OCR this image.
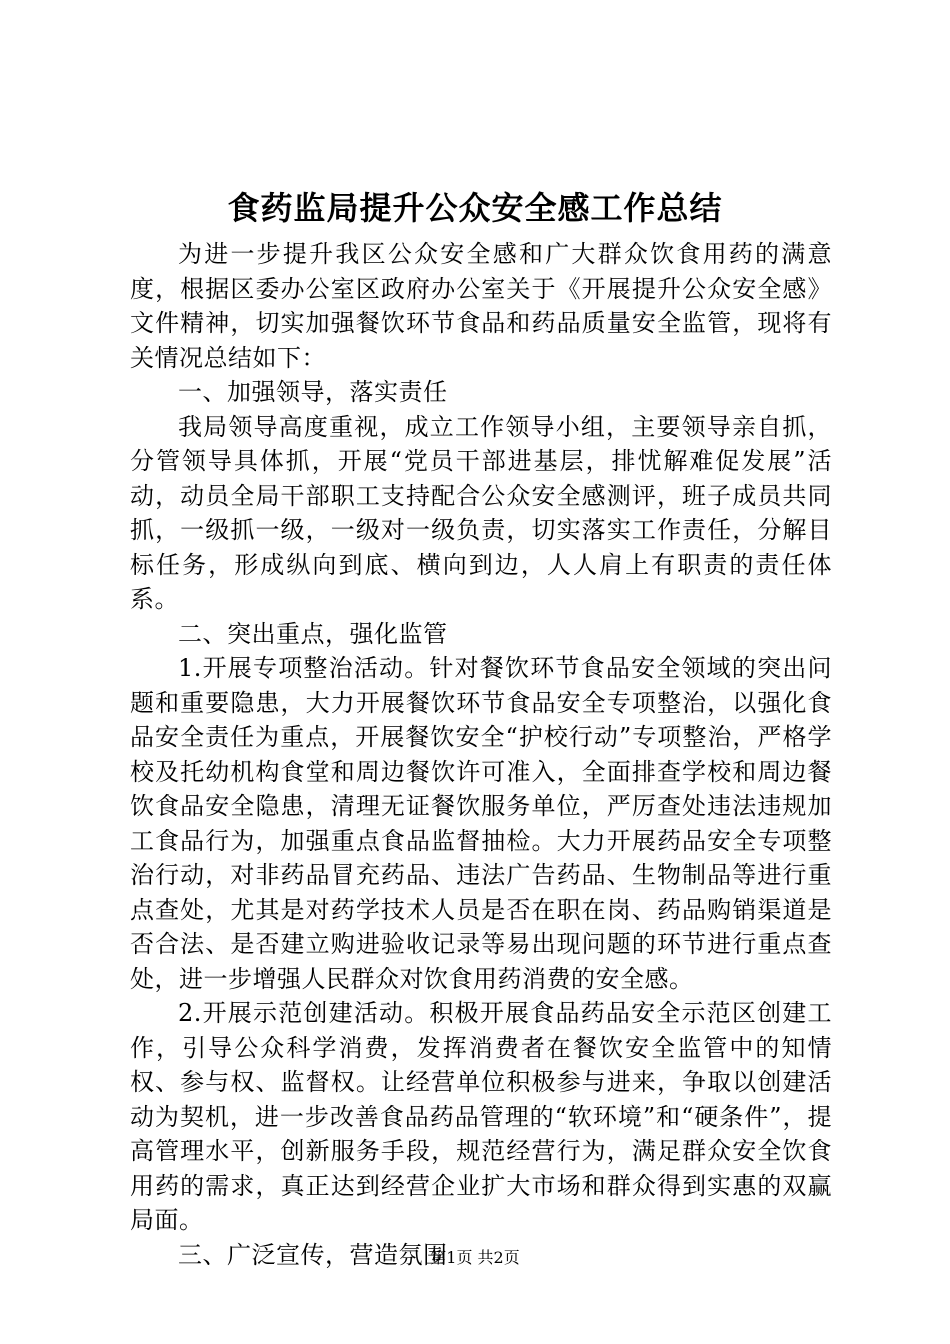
食药监局提升公众安全感工作总结

为进一步提升我区公众安全感和广大群众饮食用药的满意度，根据区委办公室区政府办公室关于《开展提升公众安全感》文件精神，切实加强餐饮环节食品和药品质量安全监管，现将有关情况总结如下：

一、加强领导，落实责任

我局领导高度重视，成立工作领导小组，主要领导亲自抓，分管领导具体抓，开展“党员干部进基层，排忧解难促发展”活动，动员全局干部职工支持配合公众安全感测评，班子成员共同抓，一级抓一级，一级对一级负责，切实落实工作责任，分解目标任务，形成纵向到底、横向到边，人人肩上有职责的责任体系。

二、突出重点，强化监管

1.开展专项整治活动。针对餐饮环节食品安全领域的突出问题和重要隐患，大力开展餐饮环节食品安全专项整治，以强化食品安全责任为重点，开展餐饮安全“护校行动”专项整治，严格学校及托幼机构食堂和周边餐饮许可准入，全面排查学校和周边餐饮食品安全隐患，清理无证餐饮服务单位，严厉查处违法违规加工食品行为，加强重点食品监督抽检。大力开展药品安全专项整治行动，对非药品冒充药品、违法广告药品、生物制品等进行重点查处，尤其是对药学技术人员是否在职在岗、药品购销渠道是否合法、是否建立购进验收记录等易出现问题的环节进行重点查处，进一步增强人民群众对饮食用药消费的安全感。

2.开展示范创建活动。积极开展食品药品安全示范区创建工作，引导公众科学消费，发挥消费者在餐饮安全监管中的知情权、参与权、监督权。让经营单位积极参与进来，争取以创建活动为契机，进一步改善食品药品管理的“软环境”和“硬条件”，提高管理水平，创新服务手段，规范经营行为，满足群众安全饮食用药的需求，真正达到经营企业扩大市场和群众得到实惠的双赢局面。

三、广泛宣传，营造氛围

第1页 共2页
